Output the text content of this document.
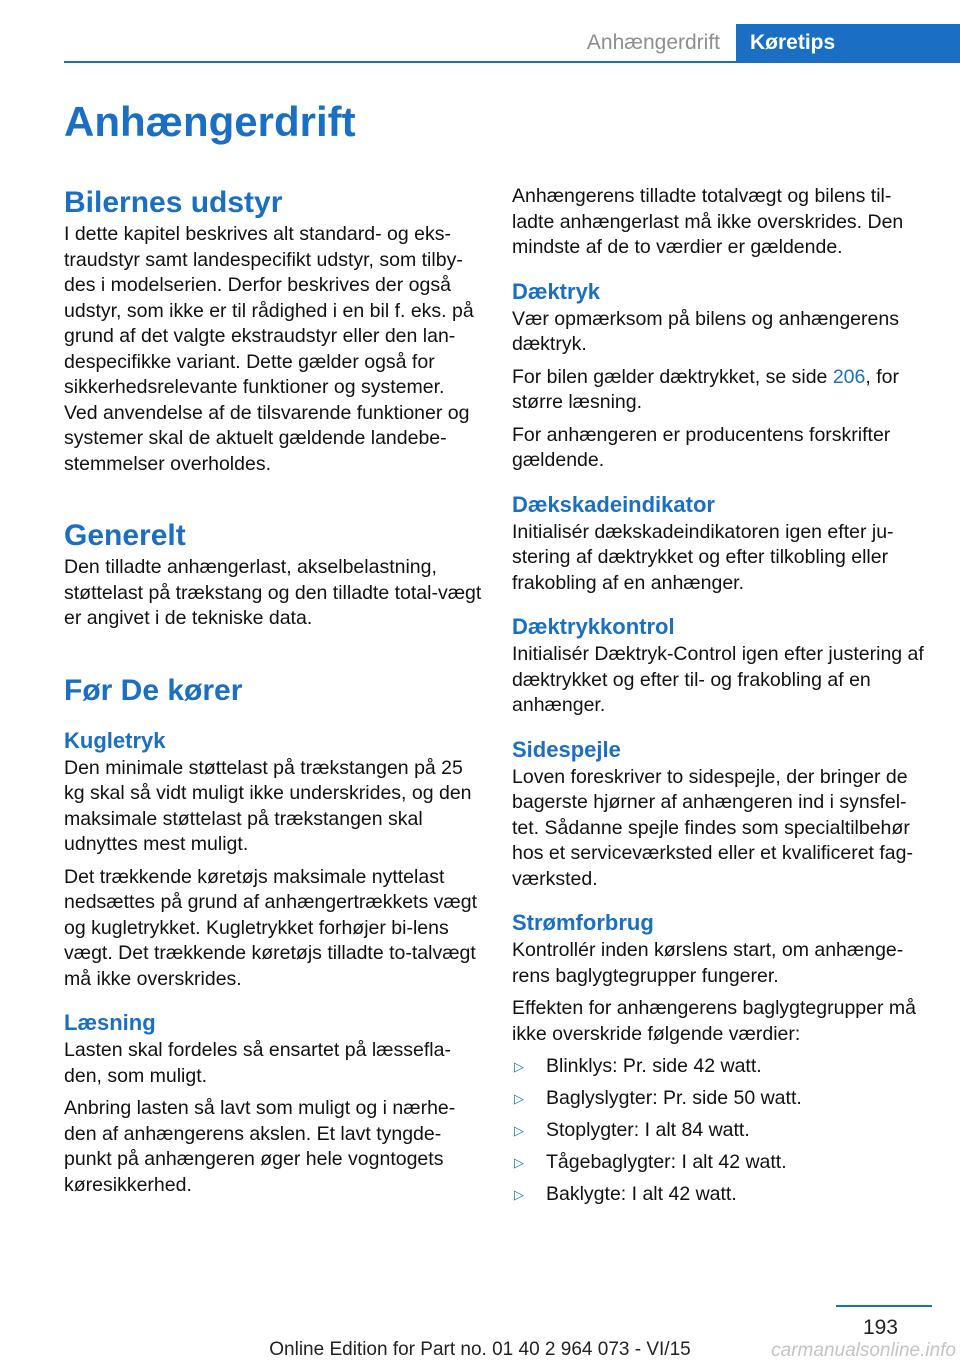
Anhængerdrift	Køretips
Anhængerdrift
Bilernes udstyr

I dette kapitel beskrives alt standard- og eks-traudstyr samt landespecifikt udstyr, som tilby-des i modelserien. Derfor beskrives der også udstyr, som ikke er til rådighed i en bil f. eks. på grund af det valgte ekstraudstyr eller den lan-despecifikke variant. Dette gælder også for sikkerhedsrelevante funktioner og systemer. Ved anvendelse af de tilsvarende funktioner og systemer skal de aktuelt gældende landebe-stemmelser overholdes.

Generelt

Den tilladte anhængerlast, akselbelastning, støttelast på trækstang og den tilladte total-vægt er angivet i de tekniske data.

Før De kører
Kugletryk

Den minimale støttelast på trækstangen på 25 kg skal så vidt muligt ikke underskrides, og den maksimale støttelast på trækstangen skal udnyttes mest muligt.

Det trækkende køretøjs maksimale nyttelast nedsættes på grund af anhængertrækkets vægt og kugletrykket. Kugletrykket forhøjer bi-lens vægt. Det trækkende køretøjs tilladte to-talvægt må ikke overskrides.

Læsning

Lasten skal fordeles så ensartet på læssefla-den, som muligt.

Anbring lasten så lavt som muligt og i nærhe-den af anhængerens akslen. Et lavt tyngde-punkt på anhængeren øger hele vogntogets køresikkerhed.

Anhængerens tilladte totalvægt og bilens til-ladte anhængerlast må ikke overskrides. Den mindste af de to værdier er gældende.

Dæktryk

Vær opmærksom på bilens og anhængerens dæktryk.

For bilen gælder dæktrykket, se side 206, for større læsning.

For anhængeren er producentens forskrifter gældende.

Dækskadeindikator

Initialisér dækskadeindikatoren igen efter ju-stering af dæktrykket og efter tilkobling eller frakobling af en anhænger.

Dæktrykkontrol

Initialisér Dæktryk-Control igen efter justering af dæktrykket og efter til- og frakobling af en anhænger.

Sidespejle

Loven foreskriver to sidespejle, der bringer de bagerste hjørner af anhængeren ind i synsfel-tet. Sådanne spejle findes som specialtilbehør hos et serviceværksted eller et kvalificeret fag-værksted.

Strømforbrug

Kontrollér inden kørslens start, om anhænge-rens baglygtegrupper fungerer.

Effekten for anhængerens baglygtegrupper må ikke overskride følgende værdier:

▷	Blinklys: Pr. side 42 watt.
▷	Baglyslygter: Pr. side 50 watt.
▷	Stoplygter: I alt 84 watt.
▷	Tågebaglygter: I alt 42 watt.
▷	Baklygte: I alt 42 watt.
193
Online Edition for Part no. 01 40 2 964 073 - VI/15	carmanualsonline.info
